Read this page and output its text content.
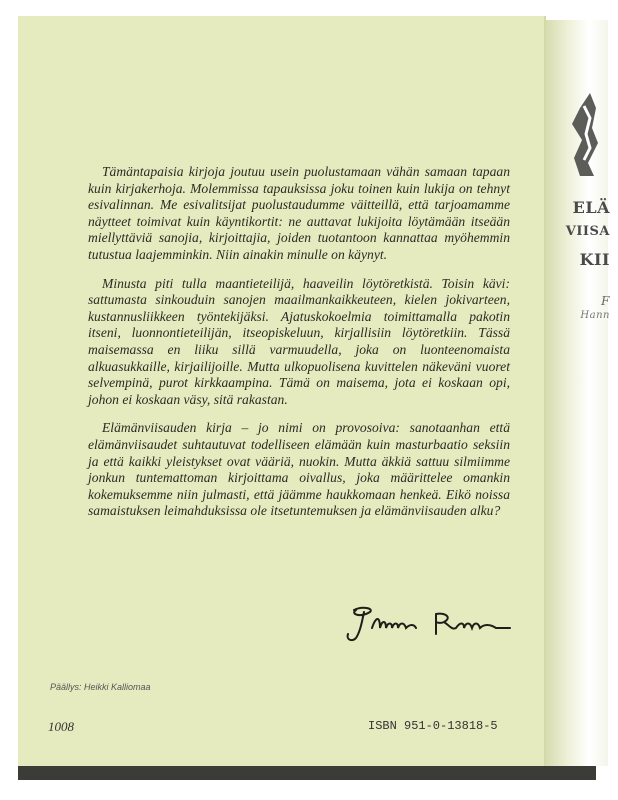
ELÄ
VIISA
KII
F
Hann

Tämäntapaisia kirjoja joutuu usein puolustamaan vähän samaan tapaan kuin kirjakerhoja. Molemmissa tapauksissa joku toinen kuin lukija on tehnyt esivalinnan. Me esivalitsijat puolustaudumme väitteillä, että tarjoamamme näytteet toimivat kuin käyntikortit: ne auttavat lukijoita löytämään itseään miellyttäviä sanojia, kirjoittajia, joiden tuotantoon kannattaa myöhemmin tutustua laajemminkin. Niin ainakin minulle on käynyt.

Minusta piti tulla maantieteilijä, haaveilin löytöretkistä. Toisin kävi: sattumasta sinkouduin sanojen maailmankaikkeuteen, kielen jokivarteen, kustannusliikkeen työntekijäksi. Ajatuskokoelmia toimittamalla pakotin itseni, luonnontieteilijän, itseopiskeluun, kirjallisiin löytöretkiin. Tässä maisemassa en liiku sillä varmuudella, joka on luonteenomaista alkuasukkaille, kirjailijoille. Mutta ulkopuolisena kuvittelen näkeväni vuoret selvempinä, purot kirkkaampina. Tämä on maisema, jota ei koskaan opi, johon ei koskaan väsy, sitä rakastan.

Elämänviisauden kirja – jo nimi on provosoiva: sanotaanhan että elämänviisaudet suhtautuvat todelliseen elämään kuin masturbaatio seksiin ja että kaikki yleistykset ovat vääriä, nuokin. Mutta äkkiä sattuu silmiimme jonkun tuntemattoman kirjoittama oivallus, joka määrittelee omankin kokemuksemme niin julmasti, että jäämme haukkomaan henkeä. Eikö noissa samaistuksen leimahduksissa ole itsetuntemuksen ja elämänviisauden alku?

Päällys: Heikki Kalliomaa
1008	ISBN 951-0-13818-5
